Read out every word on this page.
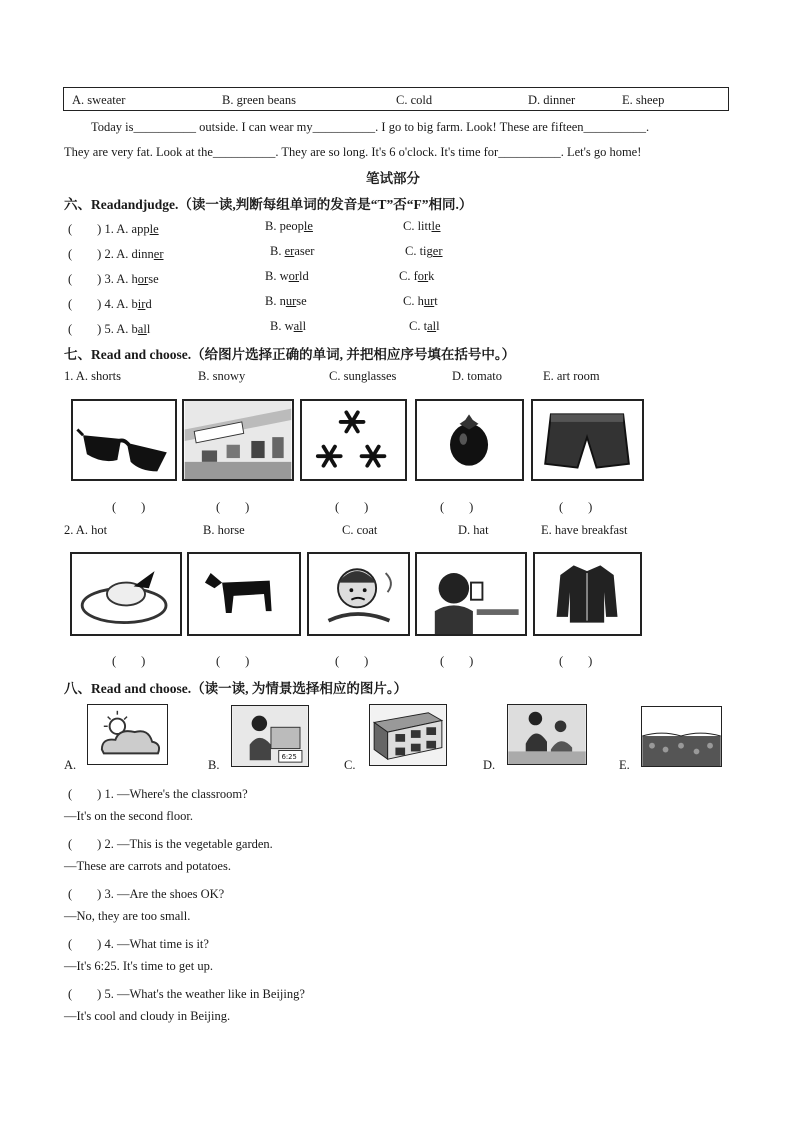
A. sweater	B. green beans	C. cold	D. dinner	E. sheep
Today is__________ outside. I can wear my__________. I go to big farm. Look! These are fifteen__________.
They are very fat. Look at the__________. They are so long. It's 6 o'clock. It's time for__________. Let's go home!
笔试部分
六、Readandjudge.（读一读,判断每组单词的发音是“T”否“F”相同.）
(　　) 1. A. apple	B. people	C. little
(　　) 2. A. dinner	B. eraser	C. tiger
(　　) 3. A. horse	B. world	C. fork
(　　) 4. A. bird	B. nurse	C. hurt
(　　) 5. A. ball	B. wall	C. tall
七、Read and choose.（给图片选择正确的单词, 并把相应序号填在括号中。）
1. A. shorts	B. snowy	C. sunglasses	D. tomato	E. art room
(　　)	(　　)	(　　)	(　　)	(　　)
2. A. hot	B. horse	C. coat	D. hat	E. have breakfast
(　　)	(　　)	(　　)	(　　)	(　　)
八、Read and choose.（读一读, 为情景选择相应的图片。）
A.
6:25
B.	C.	D.	E.
(　　) 1. —Where's the classroom?
—It's on the second floor.
(　　) 2. —This is the vegetable garden.
—These are carrots and potatoes.
(　　) 3. —Are the shoes OK?
—No, they are too small.
(　　) 4. —What time is it?
—It's 6:25. It's time to get up.
(　　) 5. —What's the weather like in Beijing?
—It's cool and cloudy in Beijing.
